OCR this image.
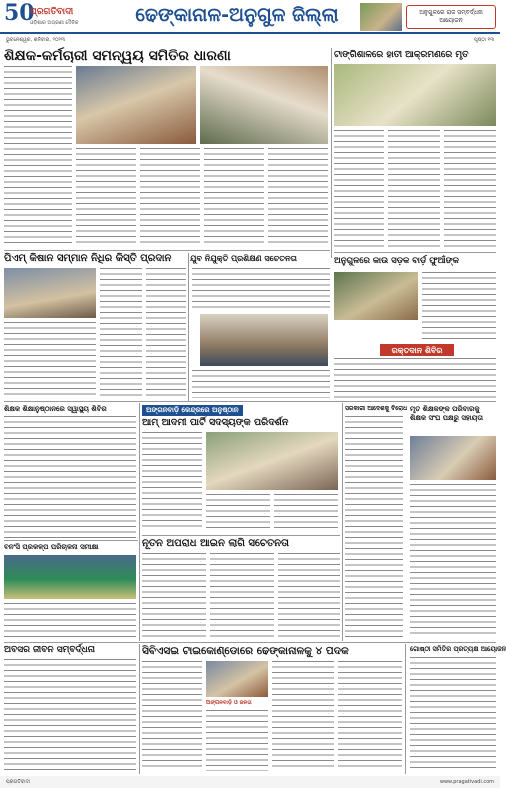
50
ପ୍ରଗତିବାଦୀ
ଓଡ଼ିଶାର ଅଗ୍ରଣୀ ଦୈନିକ	ଢେଙ୍କାନାଳ-ଅନୁଗୁଳ ଜିଲ୍ଲା	ଅନୁଗୁଳରେ ରାଜ ସମ୍ବର୍ଦ୍ଧନା ଆୟୋଜନ
ଭୁବନେଶ୍ୱର, ଶନିବାର, ୨୦୨୩	ପୃଷ୍ଠା ୧୩
ଶିକ୍ଷକ-କର୍ମଚାରୀ ସମନ୍ୱୟ ସମିତିର ଧାରଣା	ଟାଙ୍ଗିଶାଳରେ ହାତୀ ଆକ୍ରମଣରେ ମୃତ
ପିଏମ୍ କିଷାନ ସମ୍ମାନ ନିଧିର କିସ୍ତି ପ୍ରଦାନ	ଯୁବ ନିଯୁକ୍ତି ପ୍ରଶିକ୍ଷଣ ସଚେତନତା	ଅନୁଗୁଳରେ କାଉ ସଡ଼କ ବାର୍ଡ଼ ଫୁଆଁଙ୍କ
ରକ୍ତଦାନ ଶିବିର
ଶିକ୍ଷକ ଶିକ୍ଷାନୁଷ୍ଠାନରେ ସ୍ୱାସ୍ଥ୍ୟ ଶିବିର	ଅଙ୍ଗନବାଡ଼ି କେନ୍ଦ୍ରରେ ଅନୁଷ୍ଠାନ
ଆମ୍ ଆଦମୀ ପାର୍ଟି ସଦସ୍ୟଙ୍କ ପରିଦର୍ଶନ
ସରକାରୀ ଆଦେଶକୁ ବିରୋଧ ମୃତ ଶିକ୍ଷକଙ୍କ ପରିବାରକୁ ଶିକ୍ଷକ ସଂଘ ପକ୍ଷରୁ ସହାୟତା
ବନଂସି ପ୍ରକଳ୍ପ ପରିଚାଳନା ସମୀକ୍ଷା	ନୂତନ ଅପରାଧ ଆଇନ ଲାଗି ସଚେତନତା
ଅବସର ଜୀବନ ସମ୍ବର୍ଦ୍ଧନା	ସିବିଏସଇ ଟାଇକୋଣ୍ଡୋରେ ଢେଙ୍କାନାଳକୁ ୪ ପଦକ
ଅଙ୍ଗନବାଡ଼ି ଓ ଜନତା
ଗୋଷ୍ଠୀ ସମିତିର ପ୍ରତ୍ୟକ୍ଷ ଆୟୋଜନ
ପ୍ରଗତିବାଦୀ	www.pragativadi.com
